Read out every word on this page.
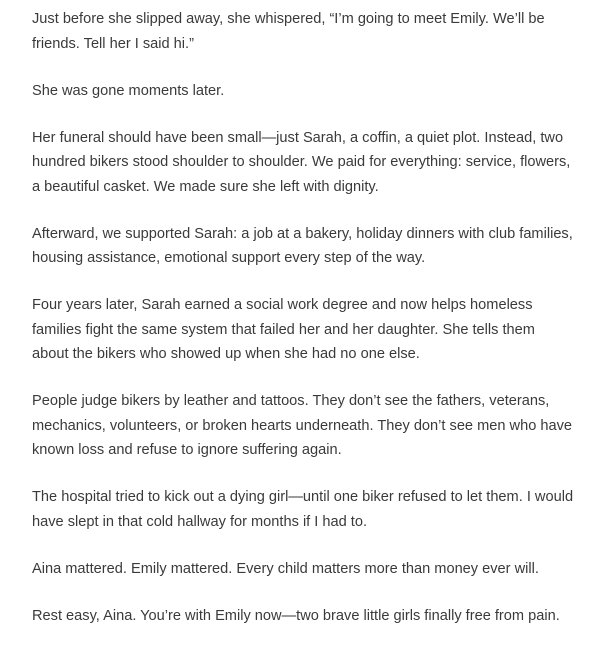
Just before she slipped away, she whispered, “I’m going to meet Emily. We’ll be friends. Tell her I said hi.”

She was gone moments later.

Her funeral should have been small—just Sarah, a coffin, a quiet plot. Instead, two hundred bikers stood shoulder to shoulder. We paid for everything: service, flowers, a beautiful casket. We made sure she left with dignity.

Afterward, we supported Sarah: a job at a bakery, holiday dinners with club families, housing assistance, emotional support every step of the way.

Four years later, Sarah earned a social work degree and now helps homeless families fight the same system that failed her and her daughter. She tells them about the bikers who showed up when she had no one else.

People judge bikers by leather and tattoos. They don’t see the fathers, veterans, mechanics, volunteers, or broken hearts underneath. They don’t see men who have known loss and refuse to ignore suffering again.

The hospital tried to kick out a dying girl—until one biker refused to let them. I would have slept in that cold hallway for months if I had to.

Aina mattered. Emily mattered. Every child matters more than money ever will.

Rest easy, Aina. You’re with Emily now—two brave little girls finally free from pain.
